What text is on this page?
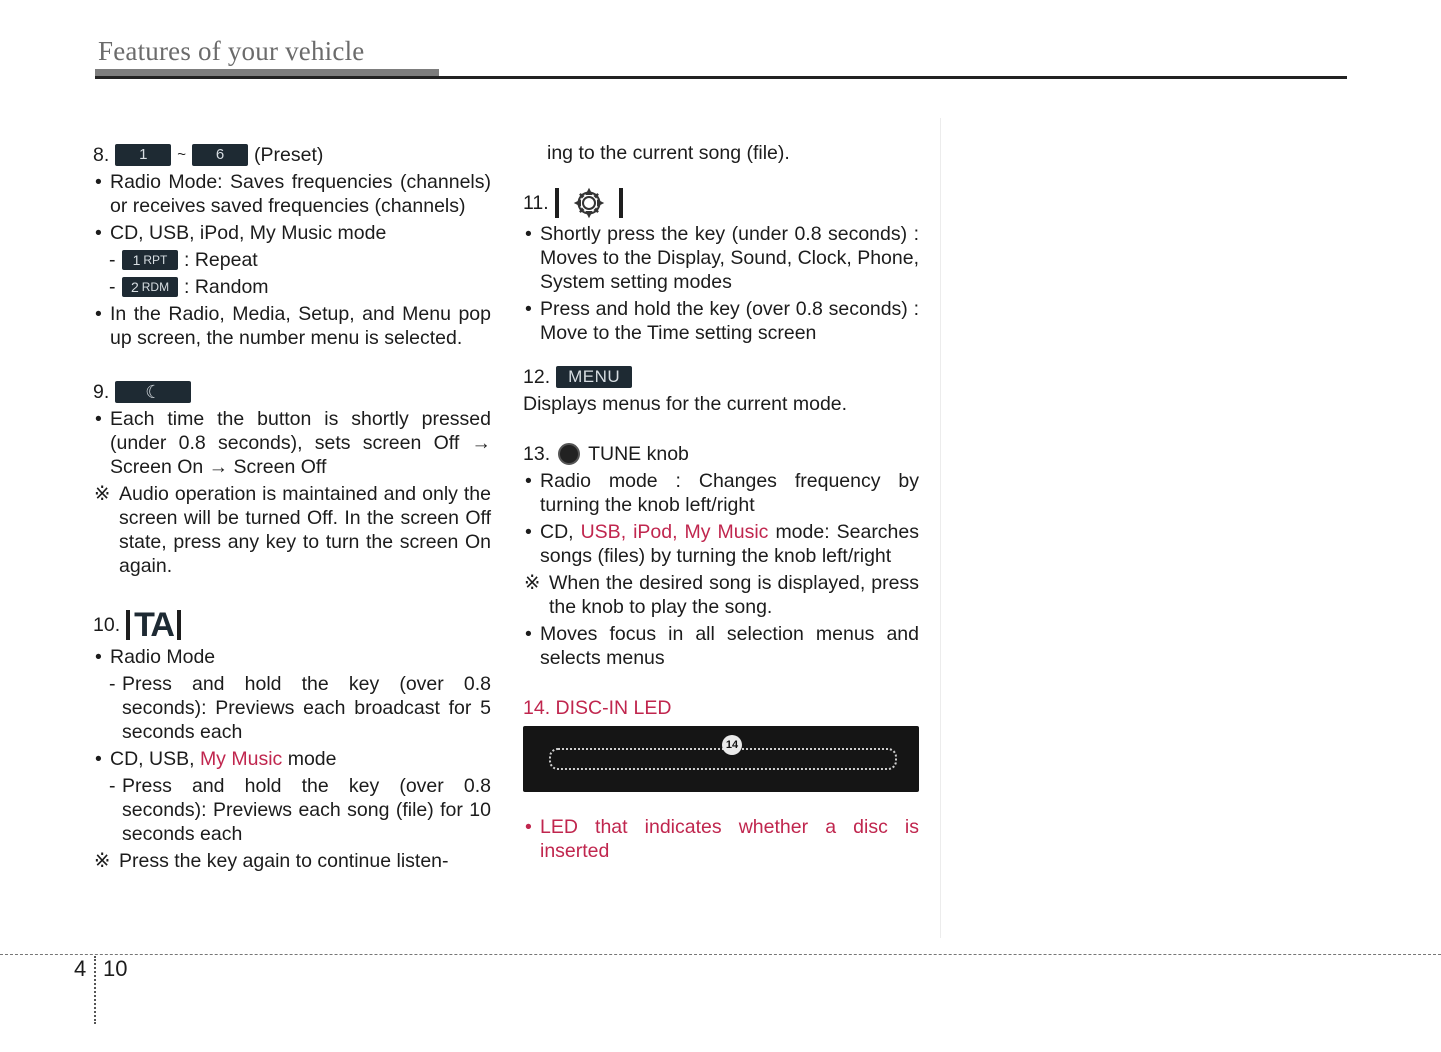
Features of your vehicle
8.	1	~	6	(Preset)

• Radio Mode: Saves frequencies (channels) or receives saved frequencies (channels)

• CD, USB, iPod, My Music mode

- 1 RPT : Repeat
- 2 RDM : Random

• In the Radio, Media, Setup, and Menu pop up screen, the number menu is selected.

9.	☾

• Each time the button is shortly pressed (under 0.8 seconds), sets screen Off → Screen On → Screen Off

※ Audio operation is maintained and only the screen will be turned Off. In the screen Off state, press any key to turn the screen On again.

10. TA

• Radio Mode

- Press and hold the key (over 0.8 seconds): Previews each broadcast for 5 seconds each

• CD, USB, My Music mode

- Press and hold the key (over 0.8 seconds): Previews each song (file) for 10 seconds each

※ Press the key again to continue listen-

ing to the current song (file).

11.

• Shortly press the key (under 0.8 seconds) : Moves to the Display, Sound, Clock, Phone, System setting modes

• Press and hold the key (over 0.8 seconds) : Move to the Time setting screen

12.	MENU

Displays menus for the current mode.

13. TUNE knob

• Radio mode : Changes frequency by turning the knob left/right

• CD, USB, iPod, My Music mode: Searches songs (files) by turning the knob left/right

※ When the desired song is displayed, press the knob to play the song.

• Moves focus in all selection menus and selects menus

14. DISC-IN LED

14

• LED that indicates whether a disc is inserted

4 10
